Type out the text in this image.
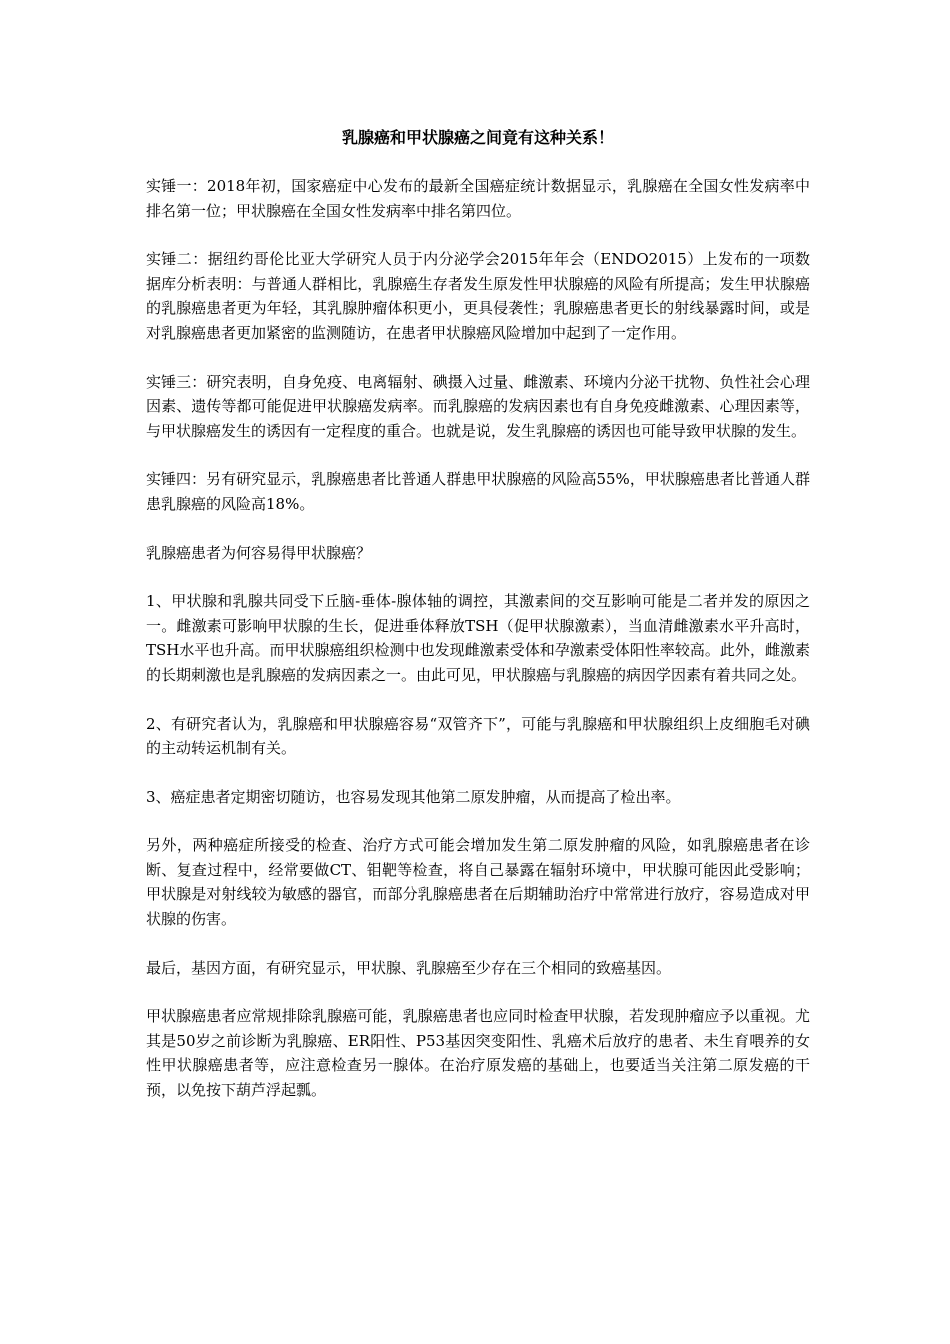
乳腺癌和甲状腺癌之间竟有这种关系！

实锤一：2018年初，国家癌症中心发布的最新全国癌症统计数据显示，乳腺癌在全国女性发病率中排名第一位；甲状腺癌在全国女性发病率中排名第四位。

实锤二：据纽约哥伦比亚大学研究人员于内分泌学会2015年年会（ENDO2015）上发布的一项数据库分析表明：与普通人群相比，乳腺癌生存者发生原发性甲状腺癌的风险有所提高；发生甲状腺癌的乳腺癌患者更为年轻，其乳腺肿瘤体积更小，更具侵袭性；乳腺癌患者更长的射线暴露时间，或是对乳腺癌患者更加紧密的监测随访，在患者甲状腺癌风险增加中起到了一定作用。

实锤三：研究表明，自身免疫、电离辐射、碘摄入过量、雌激素、环境内分泌干扰物、负性社会心理因素、遗传等都可能促进甲状腺癌发病率。而乳腺癌的发病因素也有自身免疫雌激素、心理因素等，与甲状腺癌发生的诱因有一定程度的重合。也就是说，发生乳腺癌的诱因也可能导致甲状腺的发生。

实锤四：另有研究显示，乳腺癌患者比普通人群患甲状腺癌的风险高55%，甲状腺癌患者比普通人群患乳腺癌的风险高18%。

乳腺癌患者为何容易得甲状腺癌？

1、甲状腺和乳腺共同受下丘脑-垂体-腺体轴的调控，其激素间的交互影响可能是二者并发的原因之一。雌激素可影响甲状腺的生长，促进垂体释放TSH（促甲状腺激素），当血清雌激素水平升高时，TSH水平也升高。而甲状腺癌组织检测中也发现雌激素受体和孕激素受体阳性率较高。此外，雌激素的长期刺激也是乳腺癌的发病因素之一。由此可见，甲状腺癌与乳腺癌的病因学因素有着共同之处。

2、有研究者认为，乳腺癌和甲状腺癌容易“双管齐下”，可能与乳腺癌和甲状腺组织上皮细胞毛对碘的主动转运机制有关。

3、癌症患者定期密切随访，也容易发现其他第二原发肿瘤，从而提高了检出率。

另外，两种癌症所接受的检查、治疗方式可能会增加发生第二原发肿瘤的风险，如乳腺癌患者在诊断、复查过程中，经常要做CT、钼靶等检查，将自己暴露在辐射环境中，甲状腺可能因此受影响；甲状腺是对射线较为敏感的器官，而部分乳腺癌患者在后期辅助治疗中常常进行放疗，容易造成对甲状腺的伤害。

最后，基因方面，有研究显示，甲状腺、乳腺癌至少存在三个相同的致癌基因。

甲状腺癌患者应常规排除乳腺癌可能，乳腺癌患者也应同时检查甲状腺，若发现肿瘤应予以重视。尤其是50岁之前诊断为乳腺癌、ER阳性、P53基因突变阳性、乳癌术后放疗的患者、未生育喂养的女性甲状腺癌患者等，应注意检查另一腺体。在治疗原发癌的基础上，也要适当关注第二原发癌的干预，以免按下葫芦浮起瓢。
